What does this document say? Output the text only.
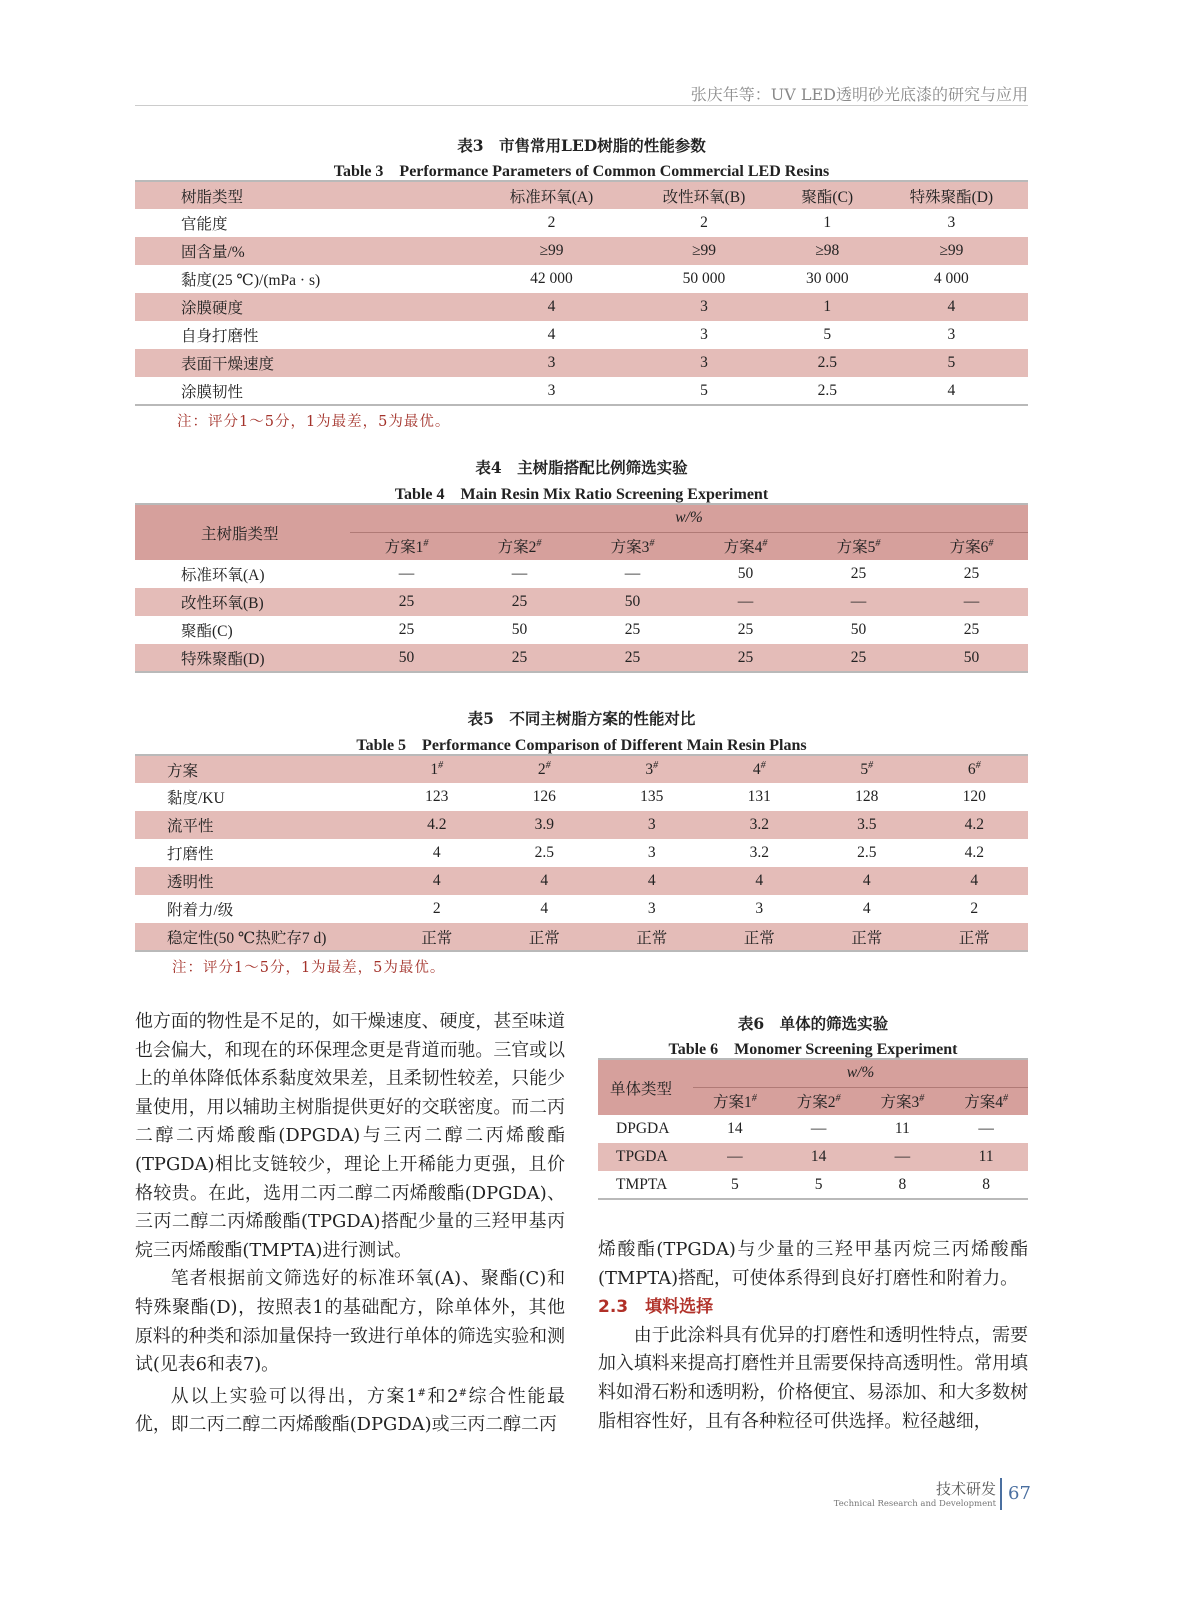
张庆年等：UV LED透明砂光底漆的研究与应用
表3　市售常用LED树脂的性能参数
Table 3　Performance Parameters of Common Commercial LED Resins
树脂类型	标准环氧(A)	改性环氧(B)	聚酯(C)	特殊聚酯(D)
官能度	2	2	1	3
固含量/%	≥99	≥99	≥98	≥99
黏度(25 ℃)/(mPa · s)	42 000	50 000	30 000	4 000
涂膜硬度	4	3	1	4
自身打磨性	4	3	5	3
表面干燥速度	3	3	2.5	5
涂膜韧性	3	5	2.5	4
注：评分1～5分，1为最差，5为最优。
表4　主树脂搭配比例筛选实验
Table 4　Main Resin Mix Ratio Screening Experiment
主树脂类型	w/%					
	方案1#	方案2#	方案3#	方案4#	方案5#	方案6#
标准环氧(A)	—	—	—	50	25	25
改性环氧(B)	25	25	50	—	—	—
聚酯(C)	25	50	25	25	50	25
特殊聚酯(D)	50	25	25	25	25	50
表5　不同主树脂方案的性能对比
Table 5　Performance Comparison of Different Main Resin Plans
方案	1#	2#	3#	4#	5#	6#
黏度/KU	123	126	135	131	128	120
流平性	4.2	3.9	3	3.2	3.5	4.2
打磨性	4	2.5	3	3.2	2.5	4.2
透明性	4	4	4	4	4	4
附着力/级	2	4	3	3	4	2
稳定性(50 ℃热贮存7 d)	正常	正常	正常	正常	正常	正常
注：评分1～5分，1为最差，5为最优。

他方面的物性是不足的，如干燥速度、硬度，甚至味道也会偏大，和现在的环保理念更是背道而驰。三官或以上的单体降低体系黏度效果差，且柔韧性较差，只能少量使用，用以辅助主树脂提供更好的交联密度。而二丙二醇二丙烯酸酯(DPGDA)与三丙二醇二丙烯酸酯(TPGDA)相比支链较少，理论上开稀能力更强，且价格较贵。在此，选用二丙二醇二丙烯酸酯(DPGDA)、三丙二醇二丙烯酸酯(TPGDA)搭配少量的三羟甲基丙烷三丙烯酸酯(TMPTA)进行测试。

笔者根据前文筛选好的标准环氧(A)、聚酯(C)和特殊聚酯(D)，按照表1的基础配方，除单体外，其他原料的种类和添加量保持一致进行单体的筛选实验和测试(见表6和表7)。

从以上实验可以得出，方案1#和2#综合性能最优，即二丙二醇二丙烯酸酯(DPGDA)或三丙二醇二丙

表6　单体的筛选实验
Table 6　Monomer Screening Experiment
单体类型	w/%			
	方案1#	方案2#	方案3#	方案4#
DPGDA	14	—	11	—
TPGDA	—	14	—	11
TMPTA	5	5	8	8

烯酸酯(TPGDA)与少量的三羟甲基丙烷三丙烯酸酯(TMPTA)搭配，可使体系得到良好打磨性和附着力。

2.3　填料选择

由于此涂料具有优异的打磨性和透明性特点，需要加入填料来提高打磨性并且需要保持高透明性。常用填料如滑石粉和透明粉，价格便宜、易添加、和大多数树脂相容性好，且有各种粒径可供选择。粒径越细，

技术研发
Technical Research and Development 67
